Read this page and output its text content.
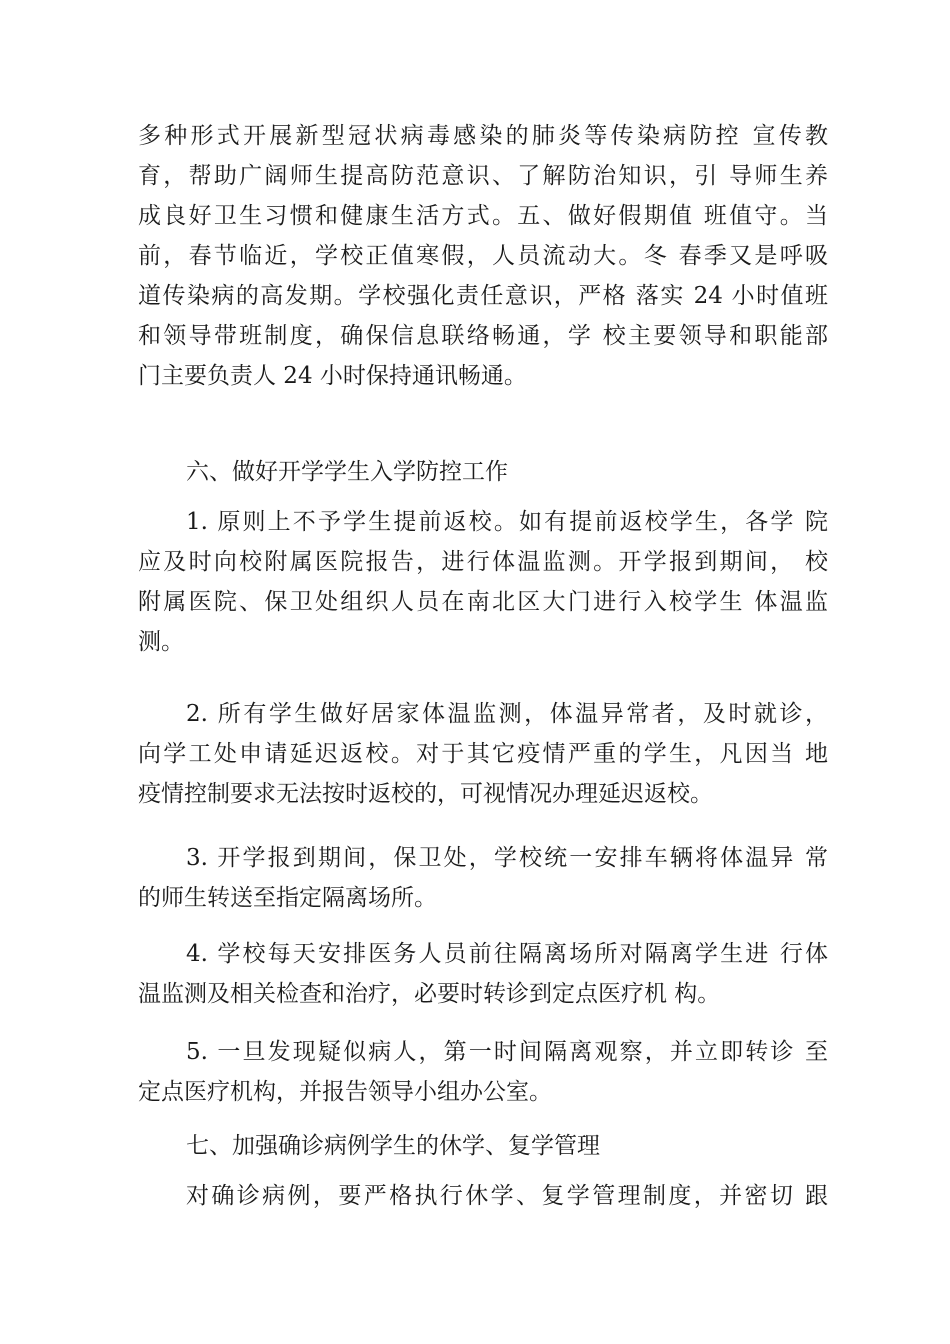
多种形式开展新型冠状病毒感染的肺炎等传染病防控 宣传教
育，帮助广阔师生提高防范意识、了解防治知识，引 导师生养
成良好卫生习惯和健康生活方式。五、做好假期值 班值守。当
前，春节临近，学校正值寒假，人员流动大。冬 春季又是呼吸
道传染病的高发期。学校强化责任意识，严格 落实 24 小时值班
和领导带班制度，确保信息联络畅通，学 校主要领导和职能部
门主要负责人 24 小时保持通讯畅通。
六、做好开学学生入学防控工作
1. 原则上不予学生提前返校。如有提前返校学生，各学 院
应及时向校附属医院报告，进行体温监测。开学报到期间， 校
附属医院、保卫处组织人员在南北区大门进行入校学生 体温监
测。
2. 所有学生做好居家体温监测，体温异常者，及时就诊，
向学工处申请延迟返校。对于其它疫情严重的学生，凡因当 地
疫情控制要求无法按时返校的，可视情况办理延迟返校。
3. 开学报到期间，保卫处，学校统一安排车辆将体温异 常
的师生转送至指定隔离场所。
4. 学校每天安排医务人员前往隔离场所对隔离学生进 行体
温监测及相关检查和治疗，必要时转诊到定点医疗机 构。
5. 一旦发现疑似病人，第一时间隔离观察，并立即转诊 至
定点医疗机构，并报告领导小组办公室。
七、加强确诊病例学生的休学、复学管理
对确诊病例，要严格执行休学、复学管理制度，并密切 跟
